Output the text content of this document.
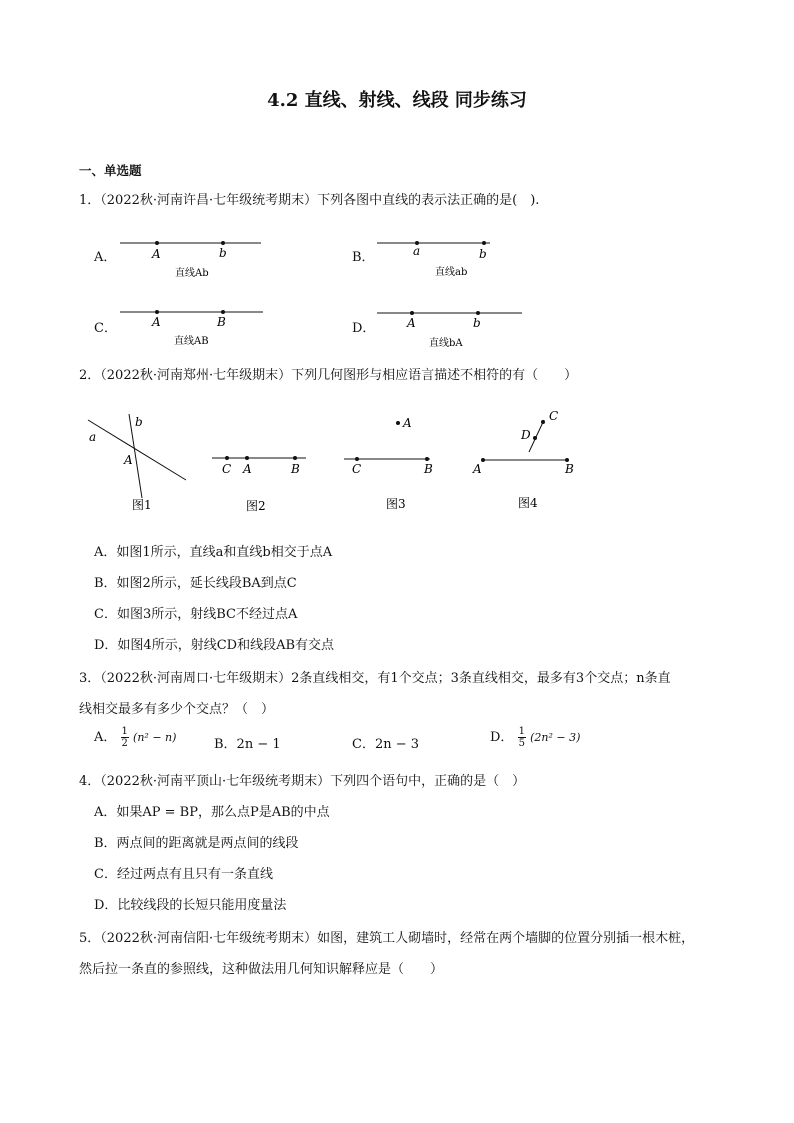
4.2 直线、射线、线段 同步练习
一、单选题
1．（2022秋·河南许昌·七年级统考期末）下列各图中直线的表示法正确的是(　).
A．	A	b
直线Ab
B．	a	b
直线ab
C．	A	B
直线AB
D．	A	b
直线bA
2．（2022秋·河南郑州·七年级期末）下列几何图形与相应语言描述不相符的有（　　）
a
b
A
图1
C A	B
图2
A
C	B
图3
C
D
A	B
图4
A．如图1所示，直线a和直线b相交于点A
B．如图2所示，延长线段BA到点C
C．如图3所示，射线BC不经过点A
D．如图4所示，射线CD和线段AB有交点
3．（2022秋·河南周口·七年级期末）2条直线相交，有1个交点；3条直线相交，最多有3个交点；n条直
线相交最多有多少个交点？（　）
A． $\frac{1}{2} (n^2 - n)$	B．2n − 1	C．2n − 3	D． $\frac{1}{5} (2n^2 - 3)$
4．（2022秋·河南平顶山·七年级统考期末）下列四个语句中，正确的是（　）
A．如果AP = BP，那么点P是AB的中点
B．两点间的距离就是两点间的线段
C．经过两点有且只有一条直线
D．比较线段的长短只能用度量法
5．（2022秋·河南信阳·七年级统考期末）如图，建筑工人砌墙时，经常在两个墙脚的位置分别插一根木桩，
然后拉一条直的参照线，这种做法用几何知识解释应是（　　）
